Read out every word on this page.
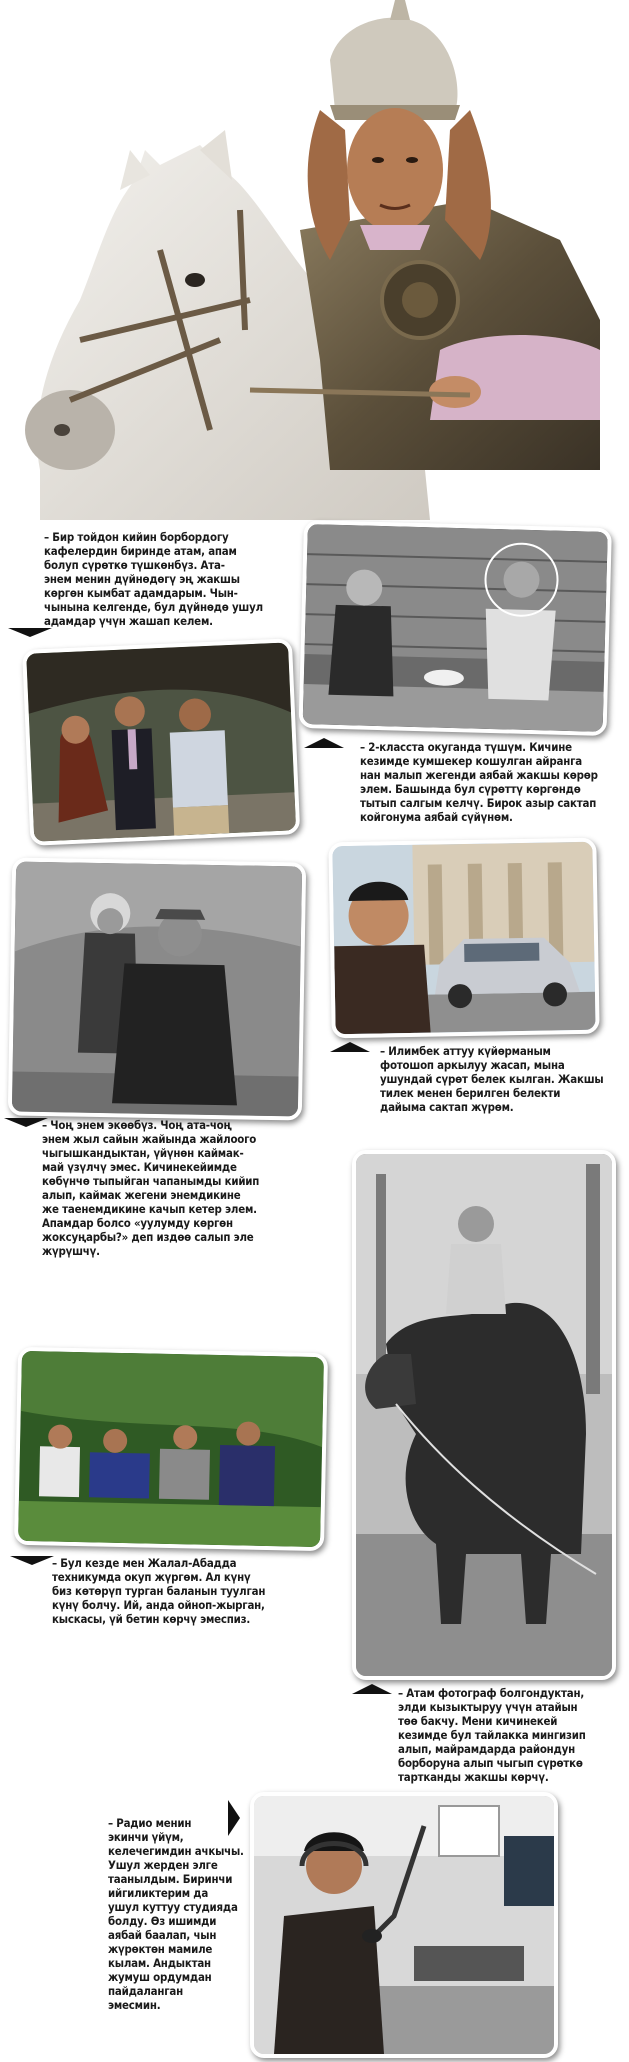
– Бир тойдон кийин борбордогу
кафелердин биринде атам, апам
болуп сүрөткө түшкөнбүз. Ата-
энем менин дүйнөдөгү эң жакшы
көргөн кымбат адамдарым. Чын-
чынына келгенде, бул дүйнөдө ушул
адамдар үчүн жашап келем.
– 2-класста окуганда түшүм. Кичине
кезимде кумшекер кошулган айранга
нан малып жегенди аябай жакшы көрөр
элем. Башында бул сүрөттү көргөндө
тытып салгым келчү. Бирок азыр сактап
койгонума аябай сүйүнөм.
– Чоң энем экөөбүз. Чоң ата-чоң
энем жыл сайын жайында жайлоого
чыгышкандыктан, үйүнөн каймак-
май үзүлчү эмес. Кичинекейимде
көбүнчө тыпыйган чапанымды кийип
алып, каймак жегени энемдикине
же таенемдикине качып кетер элем.
Апамдар болсо «уулумду көргөн
жоксуңарбы?» деп издөө салып эле
жүрүшчү.
– Илимбек аттуу күйөрманым
фотошоп аркылуу жасап, мына
ушундай сүрөт белек кылган. Жакшы
тилек менен берилген белекти
дайыма сактап жүрөм.
– Атам фотограф болгондуктан,
элди кызыктыруу үчүн атайын
төө бакчу. Мени кичинекей
кезимде бул тайлакка мингизип
алып, майрамдарда райондун
борборуна алып чыгып сүрөткө
тартканды жакшы көрчү.
– Бул кезде мен Жалал-Абадда
техникумда окуп жүргөм. Ал күнү
биз көтөрүп турган баланын туулган
күнү болчу. Ий, анда ойноп-жырган,
кыскасы, үй бетин көрчү эмеспиз.
– Радио менин
экинчи үйүм,
келечегимдин ачкычы.
Ушул жерден элге
таанылдым. Биринчи
ийгиликтерим да
ушул куттуу студияда
болду. Өз ишимди
аябай баалап, чын
жүрөктөн мамиле
кылам. Андыктан
жумуш ордумдан
пайдаланган
эмесмин.
